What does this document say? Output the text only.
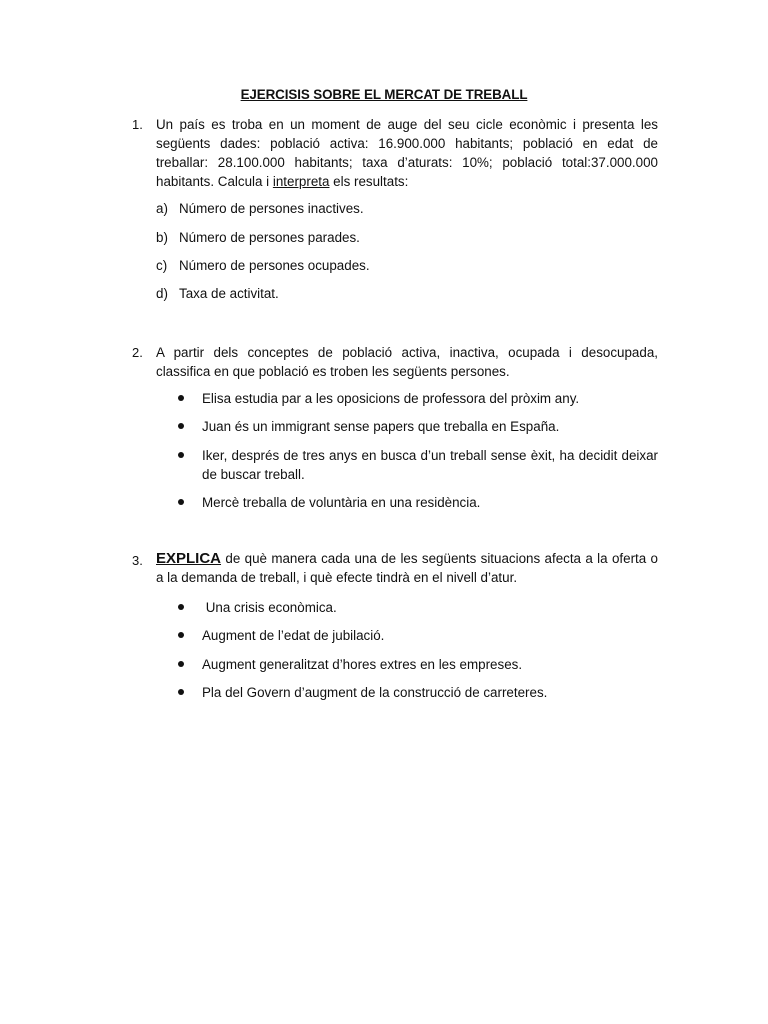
EJERCISIS SOBRE EL MERCAT DE TREBALL
1. Un país es troba en un moment de auge del seu cicle econòmic i presenta les
següents dades: població activa: 16.900.000 habitants; població en edat de
treballar: 28.100.000 habitants; taxa d’aturats: 10%; població total:37.000.000
habitants. Calcula i interpreta els resultats:
a) Número de persones inactives.
b) Número de persones parades.
c) Número de persones ocupades.
d) Taxa de activitat.
2. A partir dels conceptes de població activa, inactiva, ocupada i desocupada,
classifica en que població es troben les següents persones.
Elisa estudia par a les oposicions de professora del pròxim any.
Juan és un immigrant sense papers que treballa en España.
Iker, després de tres anys en busca d’un treball sense èxit, ha decidit deixar de buscar treball.
Mercè treballa de voluntària en una residència.
3. EXPLICA de què manera cada una de les següents situacions afecta a la oferta o
a la demanda de treball, i què efecte tindrà en el nivell d’atur.
Una crisis econòmica.
Augment de l’edat de jubilació.
Augment generalitzat d’hores extres en les empreses.
Pla del Govern d’augment de la construcció de carreteres.
